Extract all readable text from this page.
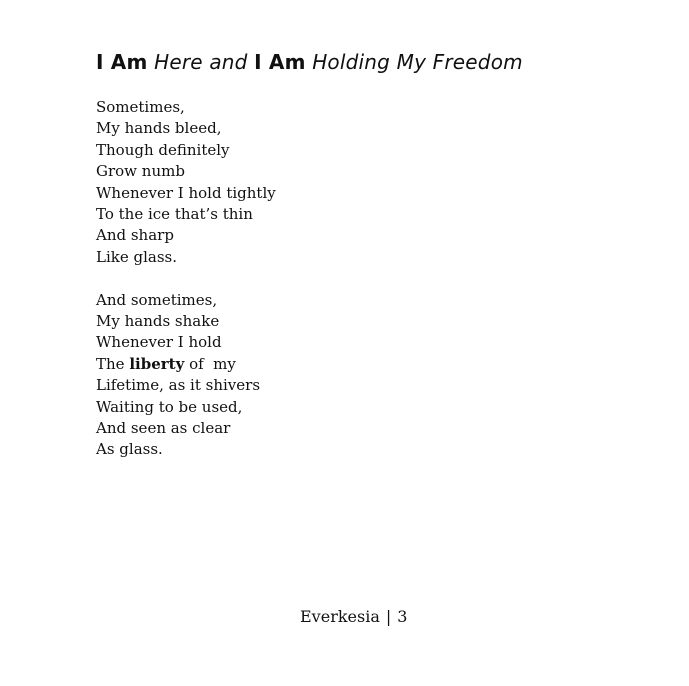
I Am Here and I Am Holding My Freedom

Sometimes,
My hands bleed,
Though definitely
Grow numb
Whenever I hold tightly
To the ice that’s thin
And sharp
Like glass.

And sometimes,
My hands shake
Whenever I hold
The liberty of  my
Lifetime, as it shivers
Waiting to be used,
And seen as clear
As glass.

Everkesia | 3
